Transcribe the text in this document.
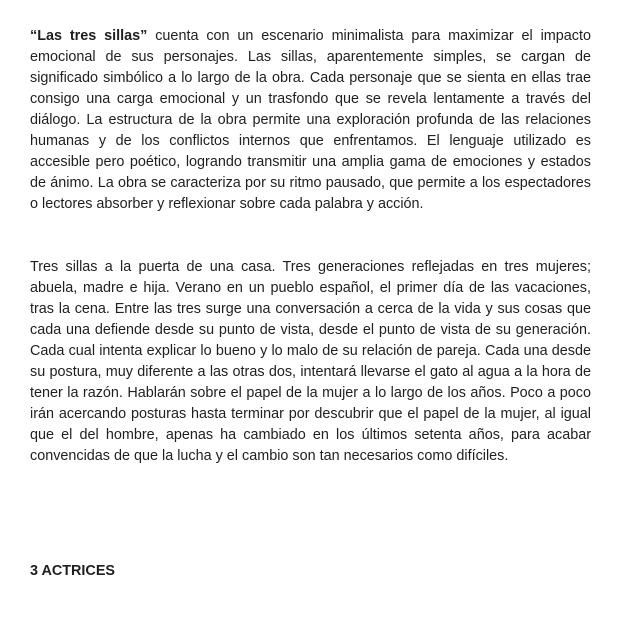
“Las tres sillas” cuenta con un escenario minimalista para maximizar el impacto emocional de sus personajes. Las sillas, aparentemente simples, se cargan de significado simbólico a lo largo de la obra. Cada personaje que se sienta en ellas trae consigo una carga emocional y un trasfondo que se revela lentamente a través del diálogo. La estructura de la obra permite una exploración profunda de las relaciones humanas y de los conflictos internos que enfrentamos. El lenguaje utilizado es accesible pero poético, logrando transmitir una amplia gama de emociones y estados de ánimo. La obra se caracteriza por su ritmo pausado, que permite a los espectadores o lectores absorber y reflexionar sobre cada palabra y acción.

Tres sillas a la puerta de una casa. Tres generaciones reflejadas en tres mujeres; abuela, madre e hija. Verano en un pueblo español, el primer día de las vacaciones, tras la cena. Entre las tres surge una conversación a cerca de la vida y sus cosas que cada una defiende desde su punto de vista, desde el punto de vista de su generación. Cada cual intenta explicar lo bueno y lo malo de su relación de pareja. Cada una desde su postura, muy diferente a las otras dos, intentará llevarse el gato al agua a la hora de tener la razón. Hablarán sobre el papel de la mujer a lo largo de los años. Poco a poco irán acercando posturas hasta terminar por descubrir que el papel de la mujer, al igual que el del hombre, apenas ha cambiado en los últimos setenta años, para acabar convencidas de que la lucha y el cambio son tan necesarios como difíciles.

3 ACTRICES
